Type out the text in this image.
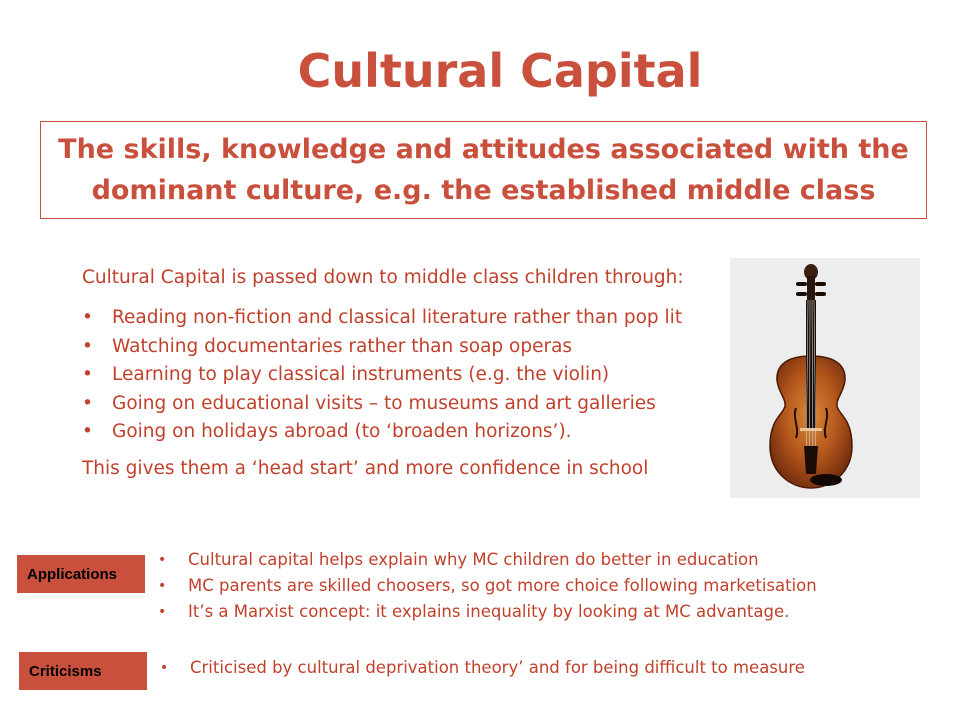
Cultural Capital
The skills, knowledge and attitudes associated with the
dominant culture, e.g. the established middle class
Cultural Capital is passed down to middle class children through:
• Reading non-fiction and classical literature rather than pop lit
• Watching documentaries rather than soap operas
• Learning to play classical instruments (e.g. the violin)
• Going on educational visits – to museums and art galleries
• Going on holidays abroad (to ‘broaden horizons’).
This gives them a ‘head start’ and more confidence in school
Applications
• Cultural capital helps explain why MC children do better in education
• MC parents are skilled choosers, so got more choice following marketisation
• It’s a Marxist concept: it explains inequality by looking at MC advantage.
Criticisms
•	Criticised by cultural deprivation theory’ and for being difficult to measure
